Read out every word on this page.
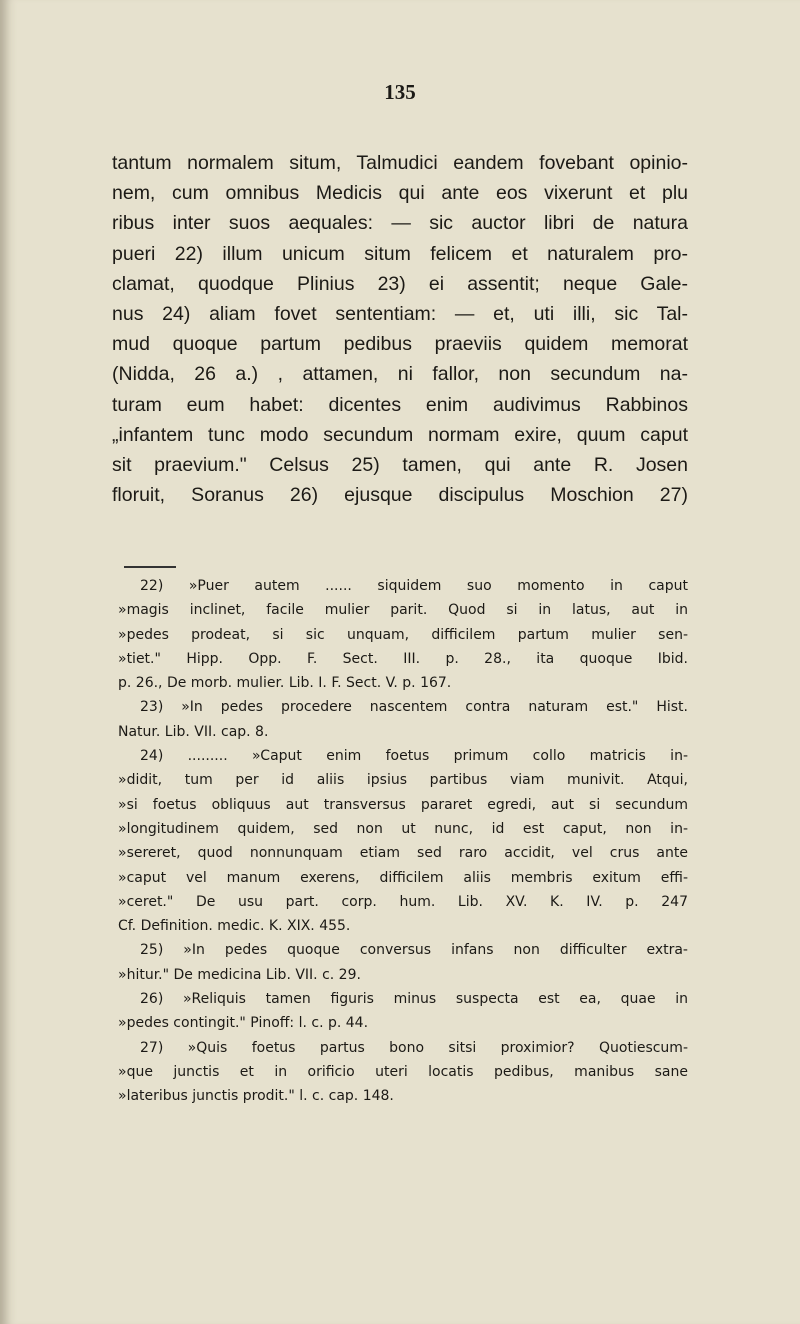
135
tantum normalem situm, Talmudici eandem fovebant opinio-
nem, cum omnibus Medicis qui ante eos vixerunt et plu
ribus inter suos aequales: — sic auctor libri de natura
pueri 22) illum unicum situm felicem et naturalem pro-
clamat, quodque Plinius 23) ei assentit; neque Gale-
nus 24) aliam fovet sententiam: — et, uti illi, sic Tal-
mud quoque partum pedibus praeviis quidem memorat
(Nidda, 26 a.) , attamen, ni fallor, non secundum na-
turam eum habet: dicentes enim audivimus Rabbinos
„infantem tunc modo secundum normam exire, quum caput
sit praevium." Celsus 25) tamen, qui ante R. Josen
floruit, Soranus 26) ejusque discipulus Moschion 27)
22) »Puer autem ...... siquidem suo momento in caput
»magis inclinet, facile mulier parit. Quod si in latus, aut in
»pedes prodeat, si sic unquam, difficilem partum mulier sen-
»tiet." Hipp. Opp. F. Sect. III. p. 28., ita quoque Ibid.
p. 26., De morb. mulier. Lib. I. F. Sect. V. p. 167.
23) »In pedes procedere nascentem contra naturam est." Hist.
Natur. Lib. VII. cap. 8.
24) ......... »Caput enim foetus primum collo matricis in-
»didit, tum per id aliis ipsius partibus viam munivit. Atqui,
»si foetus obliquus aut transversus pararet egredi, aut si secundum
»longitudinem quidem, sed non ut nunc, id est caput, non in-
»sereret, quod nonnunquam etiam sed raro accidit, vel crus ante
»caput vel manum exerens, difficilem aliis membris exitum effi-
»ceret." De usu part. corp. hum. Lib. XV. K. IV. p. 247
Cf. Definition. medic. K. XIX. 455.
25) »In pedes quoque conversus infans non difficulter extra-
»hitur." De medicina Lib. VII. c. 29.
26) »Reliquis tamen figuris minus suspecta est ea, quae in
»pedes contingit." Pinoff: l. c. p. 44.
27) »Quis foetus partus bono sitsi proximior? Quotiescum-
»que junctis et in orificio uteri locatis pedibus, manibus sane
»lateribus junctis prodit." l. c. cap. 148.
